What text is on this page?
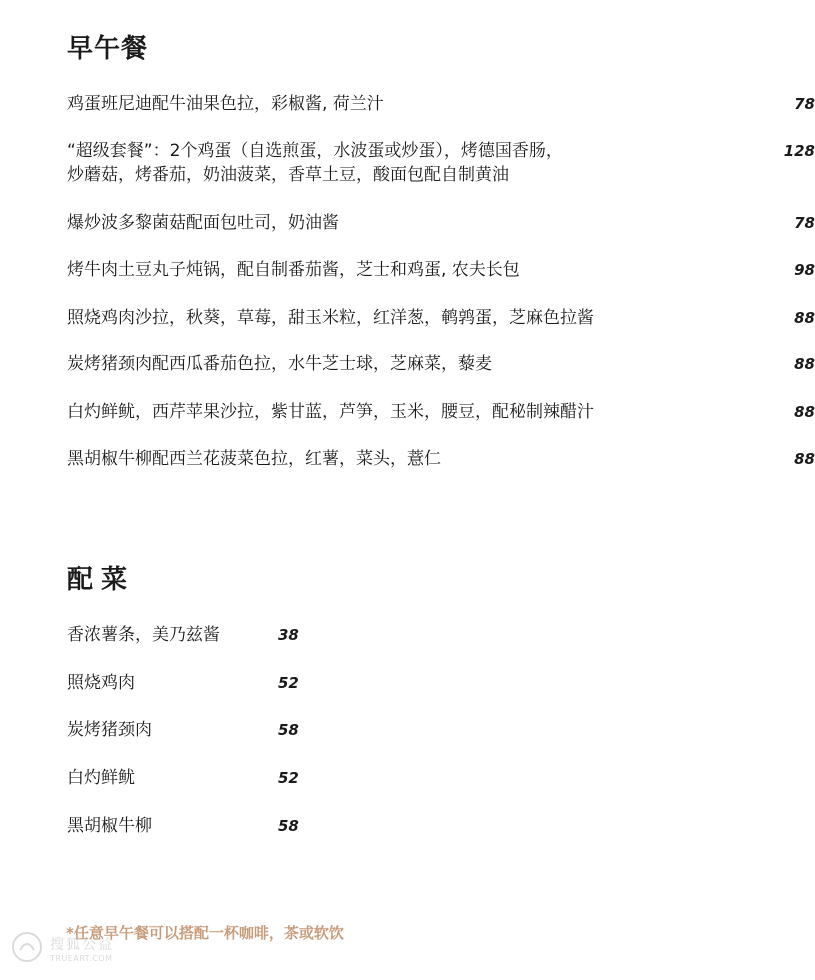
早午餐
鸡蛋班尼迪配牛油果色拉，彩椒酱, 荷兰汁	78
“超级套餐”：2个鸡蛋（自选煎蛋，水波蛋或炒蛋），烤德国香肠，
炒蘑菇，烤番茄，奶油菠菜，香草土豆，酸面包配自制黄油
128
爆炒波多黎菌菇配面包吐司，奶油酱	78
烤牛肉土豆丸子炖锅，配自制番茄酱，芝士和鸡蛋, 农夫长包	98
照烧鸡肉沙拉，秋葵，草莓，甜玉米粒，红洋葱，鹌鹑蛋，芝麻色拉酱	88
炭烤猪颈肉配西瓜番茄色拉，水牛芝士球，芝麻菜，藜麦	88
白灼鲜鱿，西芹苹果沙拉，紫甘蓝，芦笋，玉米，腰豆，配秘制辣醋汁	88
黑胡椒牛柳配西兰花菠菜色拉，红薯，菜头，薏仁	88
配菜
香浓薯条，美乃兹酱	38
照烧鸡肉	52
炭烤猪颈肉	58
白灼鲜鱿	52
黑胡椒牛柳	58
*任意早午餐可以搭配一杯咖啡，茶或软饮
搜狐公益
TRUEART.COM
